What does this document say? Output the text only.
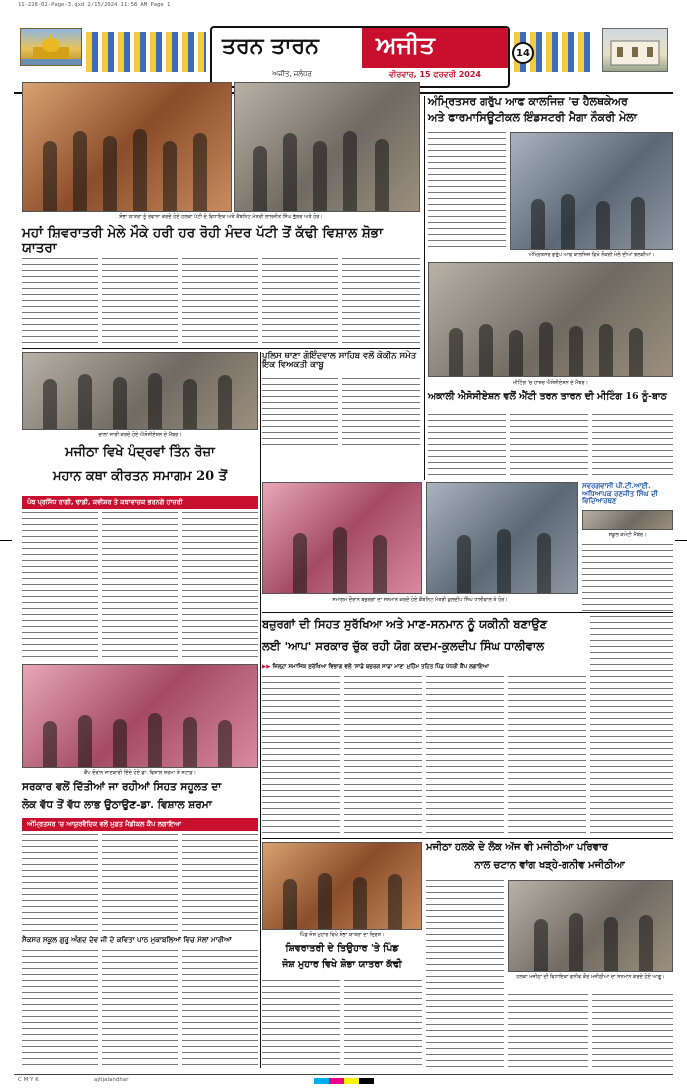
11-228-02-Page-3.qxd 2/15/2024 11:58 AM Page 1
ਤਰਨ ਤਾਰਨ	ਅਜੀਤ
ਅਜੀਤ, ਜਲੰਧਰ	ਵੀਰਵਾਰ, 15 ਫਰਵਰੀ 2024
14
ਸ਼ੋਭਾ ਯਾਤਰਾ ਨੂੰ ਰਵਾਨਾ ਕਰਦੇ ਹੋਏ ਹਲਕਾ ਪੱਟੀ ਦੇ ਵਿਧਾਇਕ ਅਤੇ ਕੈਬਨਿਟ ਮੰਤਰੀ ਲਾਲਜੀਤ ਸਿੰਘ ਭੁੱਲਰ ਅਤੇ ਹੋਰ।
ਮਹਾਂ ਸ਼ਿਵਰਾਤਰੀ ਮੇਲੇ ਮੌਕੇ ਹਰੀ ਹਰ ਰੋਹੀ ਮੰਦਰ ਪੱਟੀ ਤੋਂ ਕੱਢੀ ਵਿਸ਼ਾਲ ਸ਼ੋਭਾ ਯਾਤਰਾ
ਅੰਮ੍ਰਿਤਸਰ ਗਰੁੱਪ ਆਫ ਕਾਲਜਿਜ਼ 'ਚ ਹੈਲਥਕੇਅਰ
ਅਤੇ ਫਾਰਮਾਸਿਊਟੀਕਲ ਇੰਡਸਟਰੀ ਮੈਗਾ ਨੌਕਰੀ ਮੇਲਾ
ਅੰਮ੍ਰਿਤਸਰ ਗਰੁੱਪ ਆਫ ਕਾਲਜਿਜ਼ ਵਿਖੇ ਨੌਕਰੀ ਮੇਲੇ ਦੀਆਂ ਝਲਕੀਆਂ।
ਮੀਟਿੰਗ 'ਚ ਹਾਜ਼ਰ ਐਸੋਸੀਏਸ਼ਨ ਦੇ ਮੈਂਬਰ।
ਅਕਾਲੀ ਐਸੋਸੀਏਸ਼ਨ ਵਲੋਂ ਐਂਟੀ ਤਰਨ ਤਾਰਨ ਦੀ ਮੀਟਿੰਗ 16 ਨੂੰ-ਬਾਠ
ਚਾਲਾ ਜਾਰੀ ਕਰਦੇ ਹੋਏ ਐਸੋਸੀਏਸ਼ਨ ਦੇ ਮੈਂਬਰ।
ਪੁਲਿਸ ਥਾਣਾ ਗੋਇੰਦਵਾਲ ਸਾਹਿਬ ਵਲੋਂ ਕੋਕੀਨ ਸਮੇਤ ਇਕ ਵਿਅਕਤੀ ਕਾਬੂ
ਮਜੀਠਾ ਵਿਖੇ ਪੰਦ੍ਰਵਾਂ ਤਿੰਨ ਰੋਜ਼ਾ
ਮਹਾਨ ਕਥਾ ਕੀਰਤਨ ਸਮਾਗਮ 20 ਤੋਂ
ਪੰਥ ਪ੍ਰਸਿੱਧ ਰਾਗੀ, ਢਾਡੀ, ਕਵੀਸ਼ਰ ਤੇ ਕਥਾਵਾਚਕ ਭਰਨਗੇ ਹਾਜ਼ਰੀ
ਸਮਾਗਮ ਦੌਰਾਨ ਬਜ਼ੁਰਗਾਂ ਦਾ ਸਨਮਾਨ ਕਰਦੇ ਹੋਏ ਕੈਬਨਿਟ ਮੰਤਰੀ ਕੁਲਦੀਪ ਸਿੰਘ ਧਾਲੀਵਾਲ ਤੇ ਹੋਰ।
ਸਵਰਗਵਾਸੀ ਪੀ.ਟੀ.ਆਈ. ਅਧਿਆਪਕ ਰਣਜੀਤ ਸਿੰਘ ਦੀ ਵਿਦਿਆਰਥਣ
ਸਕੂਲ ਕਮੇਟੀ ਮੈਂਬਰ।
ਬਜ਼ੁਰਗਾਂ ਦੀ ਸਿਹਤ ਸੁਰੱਖਿਆ ਅਤੇ ਮਾਣ-ਸਨਮਾਨ ਨੂੰ ਯਕੀਨੀ ਬਣਾਉਣ
ਲਈ 'ਆਪ' ਸਰਕਾਰ ਚੁੱਕ ਰਹੀ ਯੋਗ ਕਦਮ-ਕੁਲਦੀਪ ਸਿੰਘ ਧਾਲੀਵਾਲ
▶▶ ਜ਼ਿਲ੍ਹਾ ਸਮਾਜਿਕ ਸੁਰੱਖਿਆ ਵਿਭਾਗ ਵਲੋਂ 'ਸਾਡੇ ਬਜ਼ੁਰਗ ਸਾਡਾ ਮਾਣ' ਮੁਹਿੰਮ ਤਹਿਤ ਪਿੰਡ ਪੱਧਰੀ ਕੈਂਪ ਲਗਾਇਆ
ਕੈਂਪ ਦੌਰਾਨ ਜਾਣਕਾਰੀ ਦਿੰਦੇ ਹੋਏ ਡਾ. ਵਿਸ਼ਾਲ ਸ਼ਰਮਾ ਤੇ ਸਟਾਫ਼।
ਸਰਕਾਰ ਵਲੋਂ ਦਿੱਤੀਆਂ ਜਾ ਰਹੀਆਂ ਸਿਹਤ ਸਹੂਲਤ ਦਾ
ਲੋਕ ਵੱਧ ਤੋਂ ਵੱਧ ਲਾਭ ਉਠਾਉਣ-ਡਾ. ਵਿਸ਼ਾਲ ਸ਼ਰਮਾ
ਅੰਮ੍ਰਿਤਸਰ 'ਚ ਆਯੁਰਵੈਦਿਕ ਵਲੋਂ ਮੁਫ਼ਤ ਮੈਡੀਕਲ ਕੈਂਪ ਲਗਾਇਆ
ਸੈਕਸਰ ਸਕੂਲ ਗੁਰੂ ਅੰਗਦ ਦੇਵ ਜੀ ਦੇ ਕਵਿਤਾ ਪਾਠ ਮੁਕਾਬਲਿਆਂ ਵਿਚ ਮੱਲਾਂ ਮਾਰੀਆਂ	ਪਿੰਡ ਜੋਸ਼ ਮੁਹਾਰ ਵਿਖੇ ਸ਼ੋਭਾ ਯਾਤਰਾ ਦਾ ਦ੍ਰਿਸ਼।
ਸ਼ਿਵਰਾਤਰੀ ਦੇ ਤਿਉਹਾਰ 'ਤੇ ਪਿੰਡ
ਜੋਸ਼ ਮੁਹਾਰ ਵਿਖੇ ਸ਼ੋਭਾ ਯਾਤਰਾ ਕੱਢੀ
ਮਜੀਠਾ ਹਲਕੇ ਦੇ ਲੋਕ ਅੱਜ ਵੀ ਮਜੀਠੀਆ ਪਰਿਵਾਰ
ਨਾਲ ਚਟਾਨ ਵਾਂਗ ਖੜ੍ਹੇ-ਗਨੀਵ ਮਜੀਠੀਆ
ਹਲਕਾ ਮਜੀਠਾ ਦੀ ਵਿਧਾਇਕਾ ਗਨੀਵ ਕੌਰ ਮਜੀਠੀਆ ਦਾ ਸਨਮਾਨ ਕਰਦੇ ਹੋਏ ਆਗੂ।
C M Y K	ajitjalandhar
